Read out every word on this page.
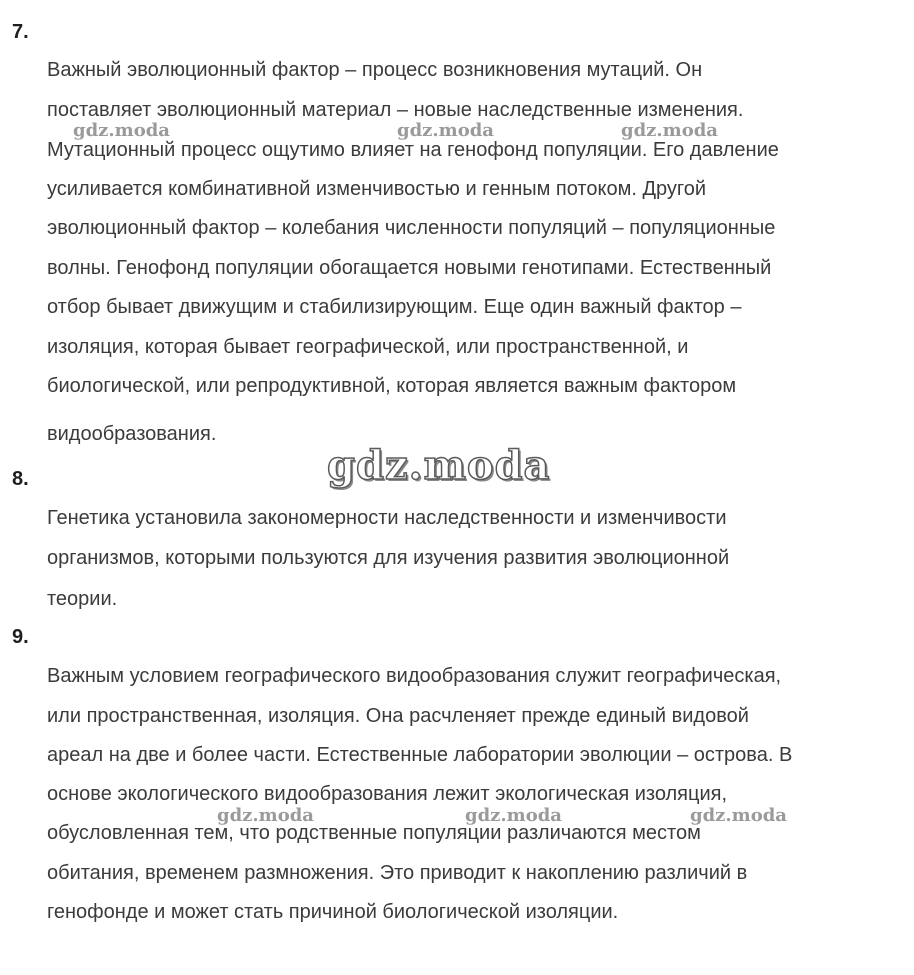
7.
Важный эволюционный фактор – процесс возникновения мутаций. Он
поставляет эволюционный материал – новые наследственные изменения.
Мутационный процесс ощутимо влияет на генофонд популяции. Его давление
усиливается комбинативной изменчивостью и генным потоком. Другой
эволюционный фактор – колебания численности популяций – популяционные
волны. Генофонд популяции обогащается новыми генотипами. Естественный
отбор бывает движущим и стабилизирующим. Еще один важный фактор –
изоляция, которая бывает географической, или пространственной, и
биологической, или репродуктивной, которая является важным фактором
видообразования.
8.
Генетика установила закономерности наследственности и изменчивости
организмов, которыми пользуются для изучения развития эволюционной
теории.
9.
Важным условием географического видообразования служит географическая,
или пространственная, изоляция. Она расчленяет прежде единый видовой
ареал на две и более части. Естественные лаборатории эволюции – острова. В
основе экологического видообразования лежит экологическая изоляция,
обусловленная тем, что родственные популяции различаются местом
обитания, временем размножения. Это приводит к накоплению различий в
генофонде и может стать причиной биологической изоляции.
gdz.moda	gdz.moda	gdz.moda
gdz.moda
gdz.moda	gdz.moda	gdz.moda
